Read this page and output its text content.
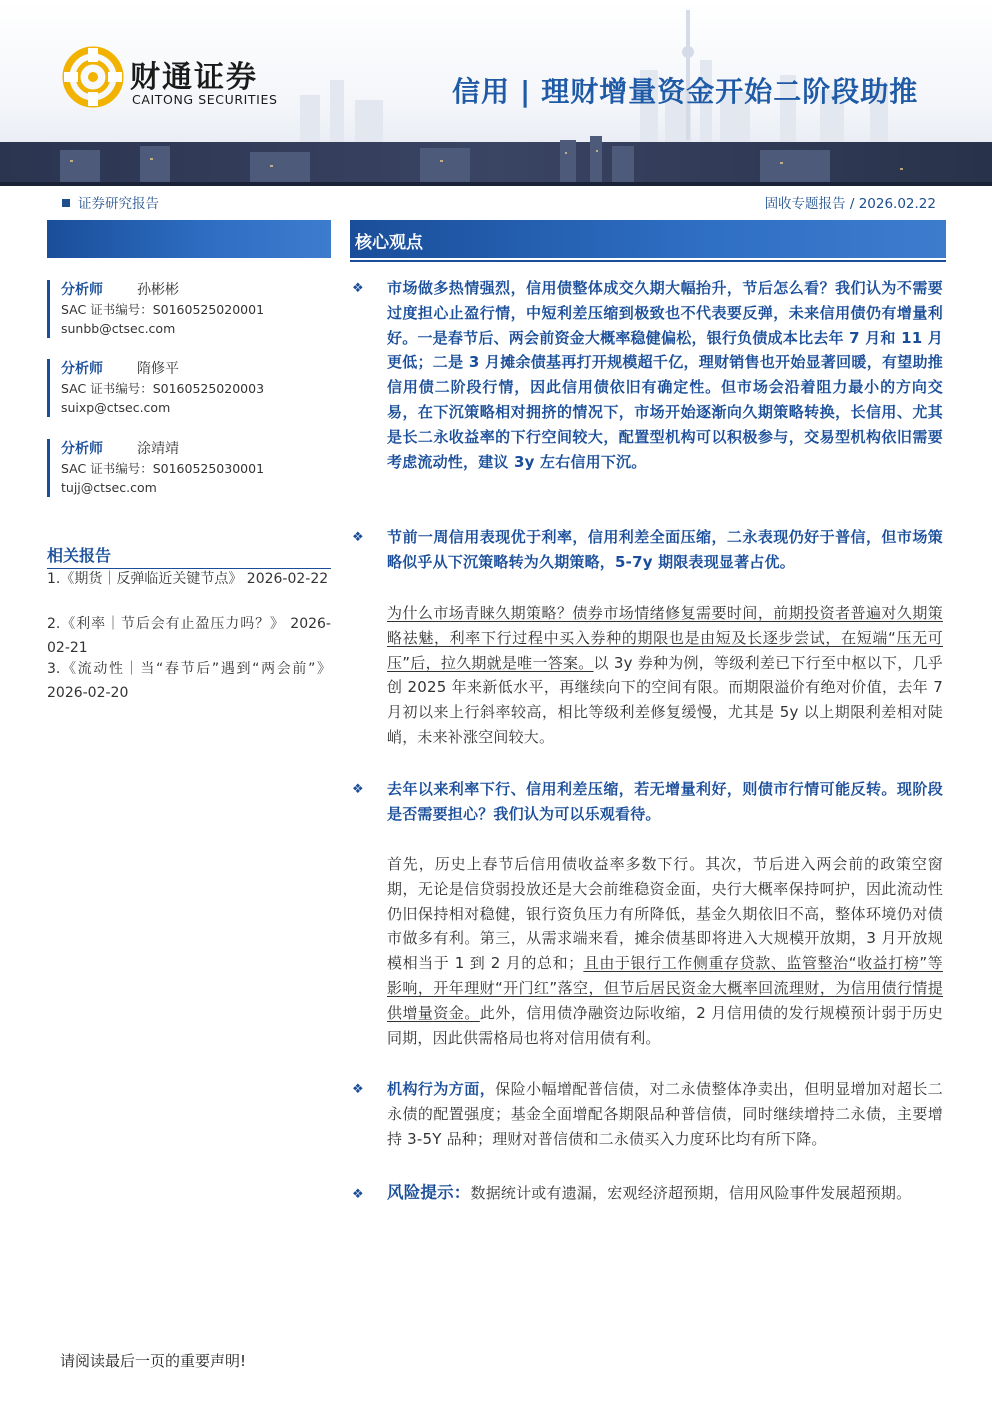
财通证券
CAITONG SECURITIES	信用 | 理财增量资金开始二阶段助推
证券研究报告	固收专题报告 / 2026.02.22
分析师 孙彬彬
SAC 证书编号：S0160525020001
sunbb@ctsec.com
分析师 隋修平
SAC 证书编号：S0160525020003
suixp@ctsec.com
分析师 涂靖靖
SAC 证书编号：S0160525030001
tujj@ctsec.com
相关报告
1.《期货｜反弹临近关键节点》 2026-02-22
2.《利率｜节后会有止盈压力吗？》 2026-02-21
3.《流动性｜当“春节后”遇到“两会前”》 2026-02-20
核心观点
❖ 市场做多热情强烈，信用债整体成交久期大幅抬升，节后怎么看？我们认为不需要过度担心止盈行情，中短利差压缩到极致也不代表要反弹，未来信用债仍有增量利好。一是春节后、两会前资金大概率稳健偏松，银行负债成本比去年 7 月和 11 月更低；二是 3 月摊余债基再打开规模超千亿，理财销售也开始显著回暖，有望助推信用债二阶段行情，因此信用债依旧有确定性。但市场会沿着阻力最小的方向交易，在下沉策略相对拥挤的情况下，市场开始逐渐向久期策略转换，长信用、尤其是长二永收益率的下行空间较大，配置型机构可以积极参与，交易型机构依旧需要考虑流动性，建议 3y 左右信用下沉。
❖ 节前一周信用表现优于利率，信用利差全面压缩，二永表现仍好于普信，但市场策略似乎从下沉策略转为久期策略，5-7y 期限表现显著占优。
为什么市场青睐久期策略？债券市场情绪修复需要时间，前期投资者普遍对久期策略祛魅，利率下行过程中买入券种的期限也是由短及长逐步尝试，在短端“压无可压”后，拉久期就是唯一答案。以 3y 券种为例，等级利差已下行至中枢以下，几乎创 2025 年来新低水平，再继续向下的空间有限。而期限溢价有绝对价值，去年 7 月初以来上行斜率较高，相比等级利差修复缓慢，尤其是 5y 以上期限利差相对陡峭，未来补涨空间较大。
❖ 去年以来利率下行、信用利差压缩，若无增量利好，则债市行情可能反转。现阶段是否需要担心？我们认为可以乐观看待。
首先，历史上春节后信用债收益率多数下行。其次，节后进入两会前的政策空窗期，无论是信贷弱投放还是大会前维稳资金面，央行大概率保持呵护，因此流动性仍旧保持相对稳健，银行资负压力有所降低，基金久期依旧不高，整体环境仍对债市做多有利。第三，从需求端来看，摊余债基即将进入大规模开放期，3 月开放规模相当于 1 到 2 月的总和；且由于银行工作侧重存贷款、监管整治“收益打榜”等影响，开年理财“开门红”落空，但节后居民资金大概率回流理财，为信用债行情提供增量资金。此外，信用债净融资边际收缩，2 月信用债的发行规模预计弱于历史同期，因此供需格局也将对信用债有利。
❖ 机构行为方面，保险小幅增配普信债，对二永债整体净卖出，但明显增加对超长二永债的配置强度；基金全面增配各期限品种普信债，同时继续增持二永债，主要增持 3-5Y 品种；理财对普信债和二永债买入力度环比均有所下降。
❖ 风险提示：数据统计或有遗漏，宏观经济超预期，信用风险事件发展超预期。
请阅读最后一页的重要声明!
